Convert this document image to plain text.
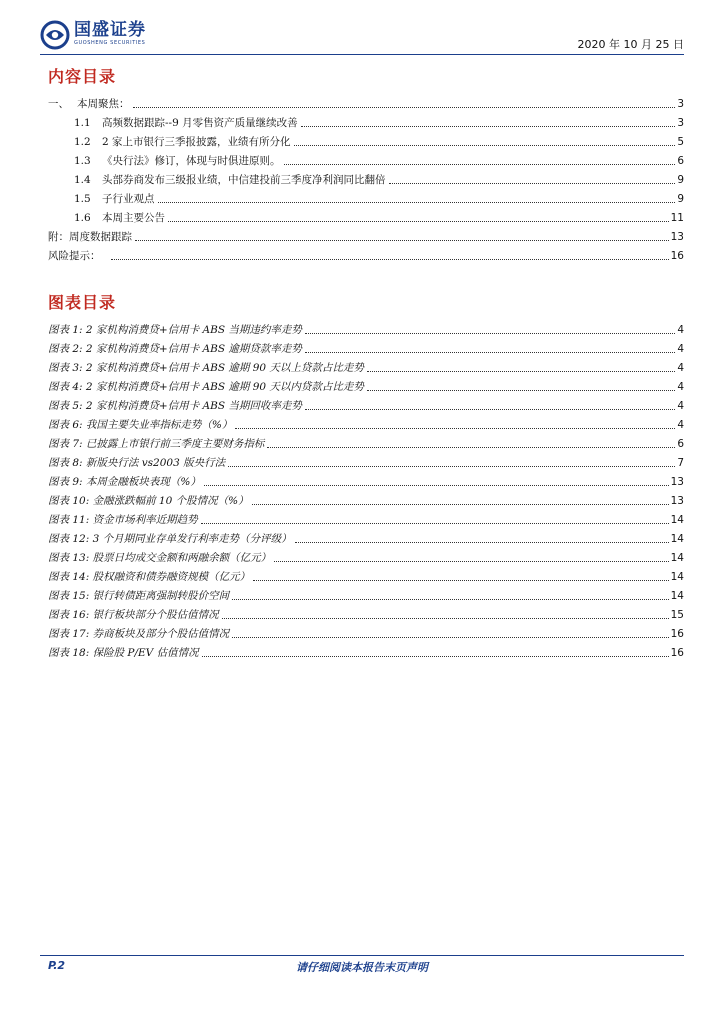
国盛证券
GUOSHENG SECURITIES	2020 年 10 月 25 日
内容目录
一、 本周聚焦：	3
1.1	高频数据跟踪--9 月零售资产质量继续改善	3
1.2	2 家上市银行三季报披露，业绩有所分化	5
1.3	《央行法》修订，体现与时俱进原则。	6
1.4	头部券商发布三级报业绩，中信建投前三季度净利润同比翻倍	9
1.5	子行业观点	9
1.6	本周主要公告	11
附：周度数据跟踪	13
风险提示：	16
图表目录
图表 1: 2 家机构消费贷+信用卡 ABS 当期违约率走势	4
图表 2: 2 家机构消费贷+信用卡 ABS 逾期贷款率走势	4
图表 3: 2 家机构消费贷+信用卡 ABS 逾期 90 天以上贷款占比走势	4
图表 4: 2 家机构消费贷+信用卡 ABS 逾期 90 天以内贷款占比走势	4
图表 5: 2 家机构消费贷+信用卡 ABS 当期回收率走势	4
图表 6: 我国主要失业率指标走势（%）	4
图表 7: 已披露上市银行前三季度主要财务指标	6
图表 8: 新版央行法 vs2003 版央行法	7
图表 9: 本周金融板块表现（%）	13
图表 10: 金融涨跌幅前 10 个股情况（%）	13
图表 11: 资金市场利率近期趋势	14
图表 12: 3 个月期同业存单发行利率走势（分评级）	14
图表 13: 股票日均成交金额和两融余额（亿元）	14
图表 14: 股权融资和债券融资规模（亿元）	14
图表 15: 银行转债距离强制转股价空间	14
图表 16: 银行板块部分个股估值情况	15
图表 17: 券商板块及部分个股估值情况	16
图表 18: 保险股 P/EV 估值情况	16
P.2	请仔细阅读本报告末页声明
